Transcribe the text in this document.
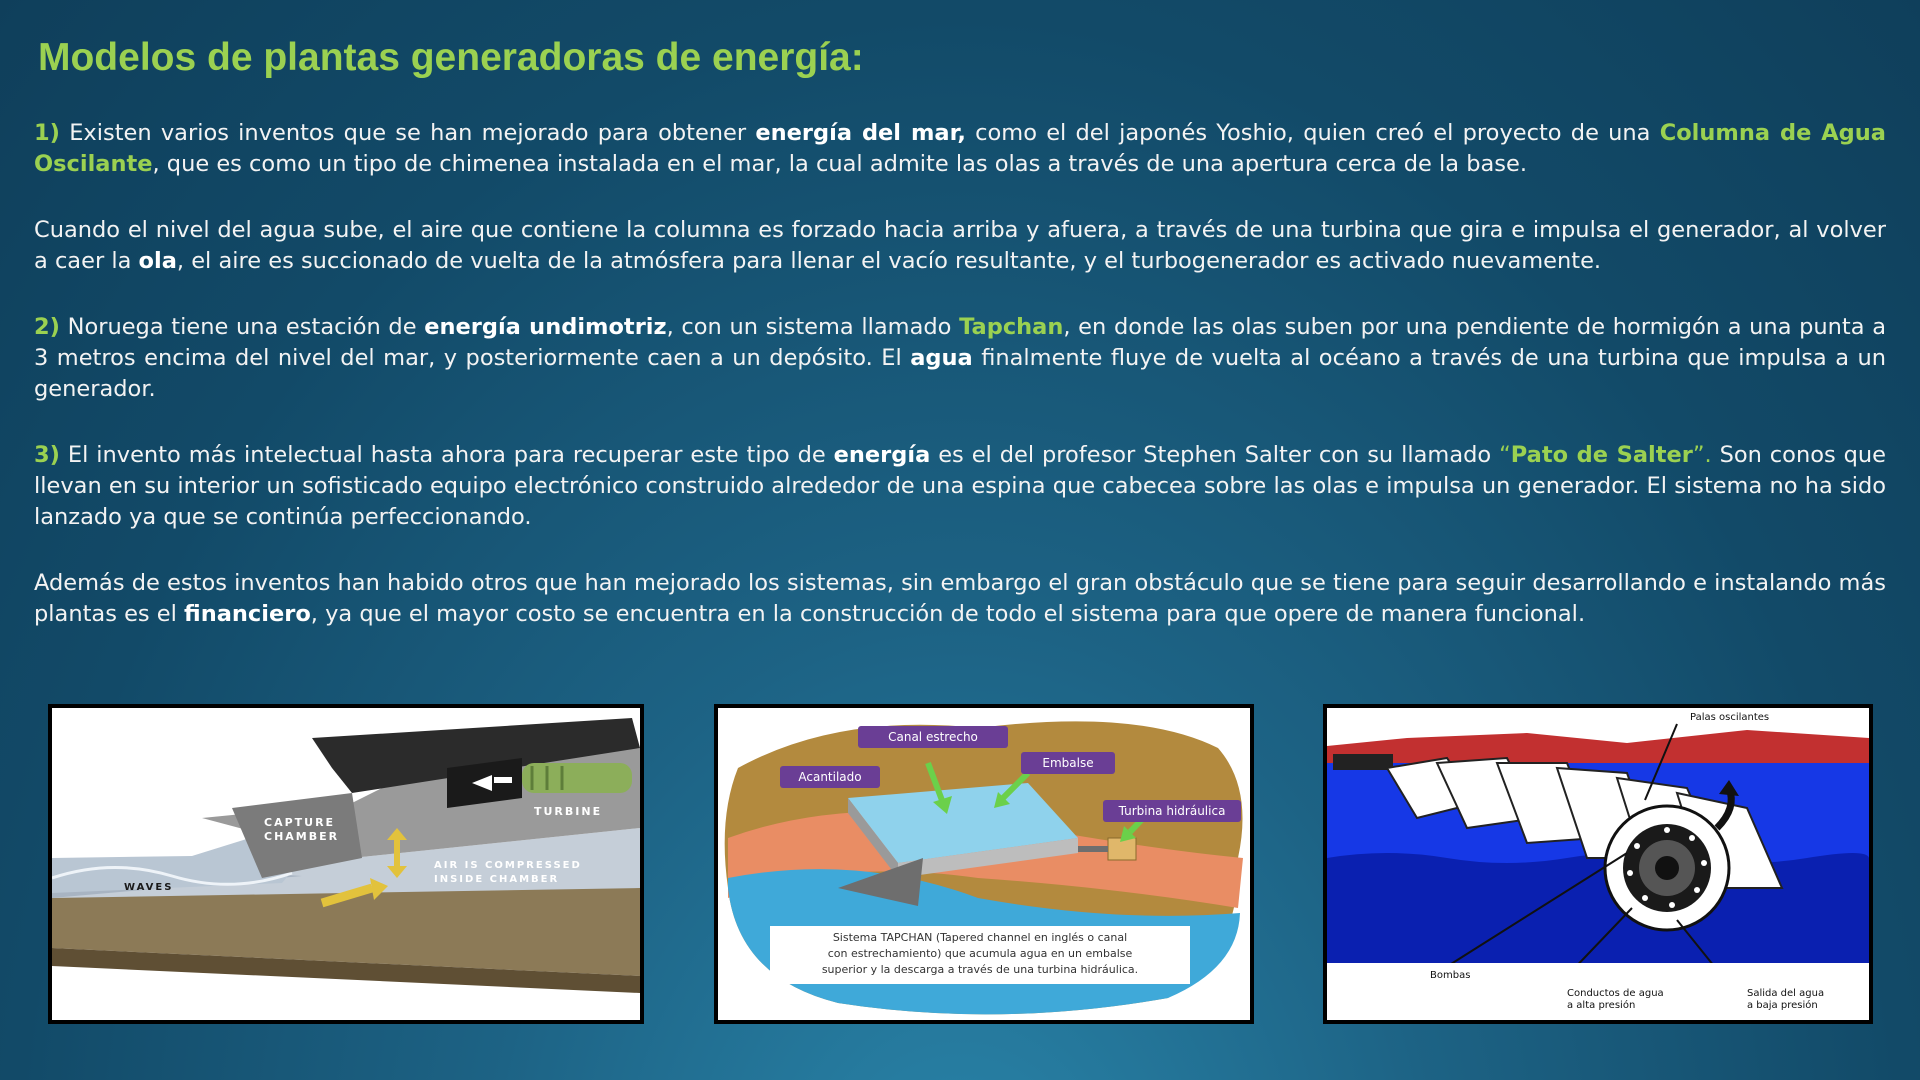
Modelos de plantas generadoras de energía:

1) Existen varios inventos que se han mejorado para obtener energía del mar, como el del japonés Yoshio, quien creó el proyecto de una Columna de Agua Oscilante, que es como un tipo de chimenea instalada en el mar, la cual admite las olas a través de una apertura cerca de la base.

Cuando el nivel del agua sube, el aire que contiene la columna es forzado hacia arriba y afuera, a través de una turbina que gira e impulsa el generador, al volver a caer la ola, el aire es succionado de vuelta de la atmósfera para llenar el vacío resultante, y el turbogenerador es activado nuevamente.

2) Noruega tiene una estación de energía undimotriz, con un sistema llamado Tapchan, en donde las olas suben por una pendiente de hormigón a una punta a 3 metros encima del nivel del mar, y posteriormente caen a un depósito. El agua finalmente fluye de vuelta al océano a través de una turbina que impulsa a un generador.

3) El invento más intelectual hasta ahora para recuperar este tipo de energía es el del profesor Stephen Salter con su llamado “Pato de Salter”. Son conos que llevan en su interior un sofisticado equipo electrónico construido alrededor de una espina que cabecea sobre las olas e impulsa un generador. El sistema no ha sido lanzado ya que se continúa perfeccionando.

Además de estos inventos han habido otros que han mejorado los sistemas, sin embargo el gran obstáculo que se tiene para seguir desarrollando e instalando más plantas es el financiero, ya que el mayor costo se encuentra en la construcción de todo el sistema para que opere de manera funcional.

CAPTURE
CHAMBER
TURBINE
AIR IS COMPRESSED
INSIDE CHAMBER
WAVES
Canal estrecho
Acantilado
Embalse
Turbina hidráulica
Sistema TAPCHAN (Tapered channel en inglés o canal
con estrechamiento) que acumula agua en un embalse
superior y la descarga a través de una turbina hidráulica.
Palas oscilantes
Bombas
Conductos de agua
a alta presión
Salida del agua
a baja presión
